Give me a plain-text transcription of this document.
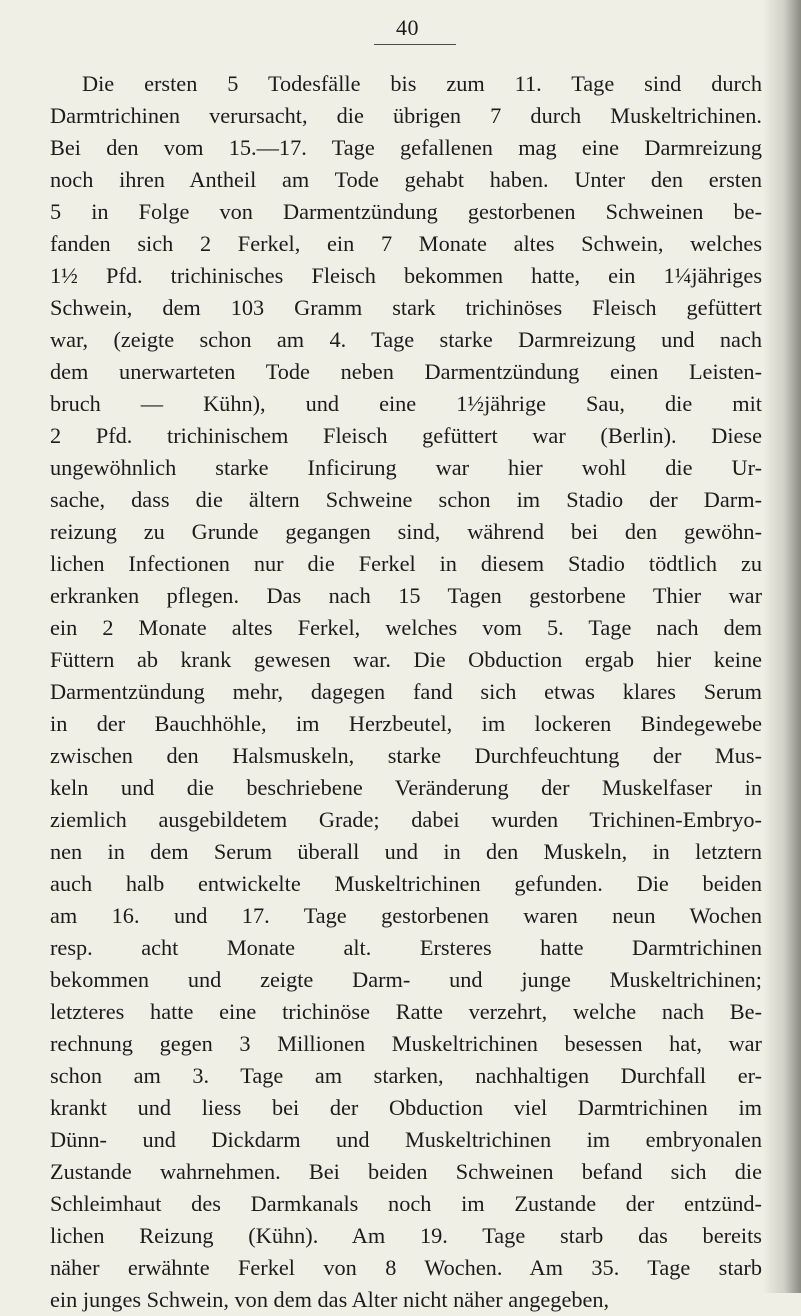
40
Die ersten 5 Todesfälle bis zum 11. Tage sind durch
Darmtrichinen verursacht, die übrigen 7 durch Muskeltrichinen.
Bei den vom 15.—17. Tage gefallenen mag eine Darmreizung
noch ihren Antheil am Tode gehabt haben. Unter den ersten
5 in Folge von Darmentzündung gestorbenen Schweinen be-
fanden sich 2 Ferkel, ein 7 Monate altes Schwein, welches
1½ Pfd. trichinisches Fleisch bekommen hatte, ein 1¼jähriges
Schwein, dem 103 Gramm stark trichinöses Fleisch gefüttert
war, (zeigte schon am 4. Tage starke Darmreizung und nach
dem unerwarteten Tode neben Darmentzündung einen Leisten-
bruch — Kühn), und eine 1½jährige Sau, die mit
2 Pfd. trichinischem Fleisch gefüttert war (Berlin). Diese
ungewöhnlich starke Inficirung war hier wohl die Ur-
sache, dass die ältern Schweine schon im Stadio der Darm-
reizung zu Grunde gegangen sind, während bei den gewöhn-
lichen Infectionen nur die Ferkel in diesem Stadio tödtlich zu
erkranken pflegen. Das nach 15 Tagen gestorbene Thier war
ein 2 Monate altes Ferkel, welches vom 5. Tage nach dem
Füttern ab krank gewesen war. Die Obduction ergab hier keine
Darmentzündung mehr, dagegen fand sich etwas klares Serum
in der Bauchhöhle, im Herzbeutel, im lockeren Bindegewebe
zwischen den Halsmuskeln, starke Durchfeuchtung der Mus-
keln und die beschriebene Veränderung der Muskelfaser in
ziemlich ausgebildetem Grade; dabei wurden Trichinen-Embryo-
nen in dem Serum überall und in den Muskeln, in letztern
auch halb entwickelte Muskeltrichinen gefunden. Die beiden
am 16. und 17. Tage gestorbenen waren neun Wochen
resp. acht Monate alt. Ersteres hatte Darmtrichinen
bekommen und zeigte Darm- und junge Muskeltrichinen;
letzteres hatte eine trichinöse Ratte verzehrt, welche nach Be-
rechnung gegen 3 Millionen Muskeltrichinen besessen hat, war
schon am 3. Tage am starken, nachhaltigen Durchfall er-
krankt und liess bei der Obduction viel Darmtrichinen im
Dünn- und Dickdarm und Muskeltrichinen im embryonalen
Zustande wahrnehmen. Bei beiden Schweinen befand sich die
Schleimhaut des Darmkanals noch im Zustande der entzünd-
lichen Reizung (Kühn). Am 19. Tage starb das bereits
näher erwähnte Ferkel von 8 Wochen. Am 35. Tage starb
ein junges Schwein, von dem das Alter nicht näher angegeben,
